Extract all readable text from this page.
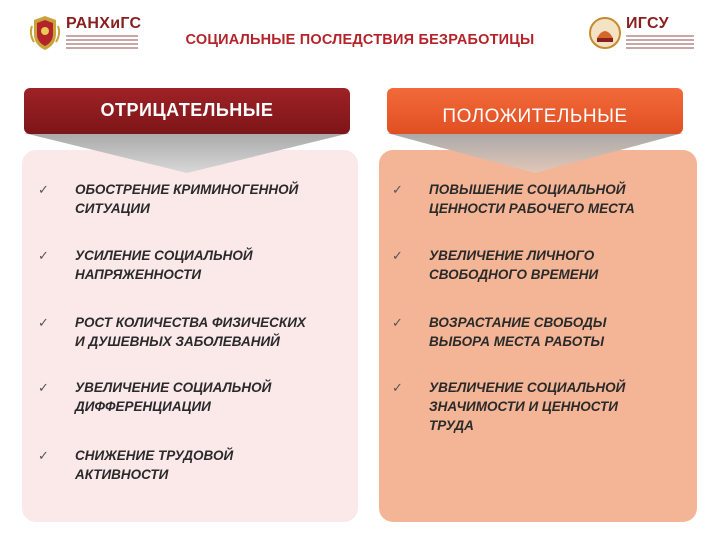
РАНХиГС
СОЦИАЛЬНЫЕ ПОСЛЕДСТВИЯ БЕЗРАБОТИЦЫ
ИГСУ
ОТРИЦАТЕЛЬНЫЕ	ПОЛОЖИТЕЛЬНЫЕ
✓ ОБОСТРЕНИЕ КРИМИНОГЕННОЙ
СИТУАЦИИ
✓ УСИЛЕНИЕ СОЦИАЛЬНОЙ
НАПРЯЖЕННОСТИ
✓ РОСТ КОЛИЧЕСТВА ФИЗИЧЕСКИХ
И ДУШЕВНЫХ ЗАБОЛЕВАНИЙ
✓ УВЕЛИЧЕНИЕ СОЦИАЛЬНОЙ
ДИФФЕРЕНЦИАЦИИ
✓ СНИЖЕНИЕ ТРУДОВОЙ
АКТИВНОСТИ
✓ ПОВЫШЕНИЕ СОЦИАЛЬНОЙ
ЦЕННОСТИ РАБОЧЕГО МЕСТА
✓ УВЕЛИЧЕНИЕ ЛИЧНОГО
СВОБОДНОГО ВРЕМЕНИ
✓ ВОЗРАСТАНИЕ СВОБОДЫ
ВЫБОРА МЕСТА РАБОТЫ
✓ УВЕЛИЧЕНИЕ СОЦИАЛЬНОЙ
ЗНАЧИМОСТИ И ЦЕННОСТИ
ТРУДА
